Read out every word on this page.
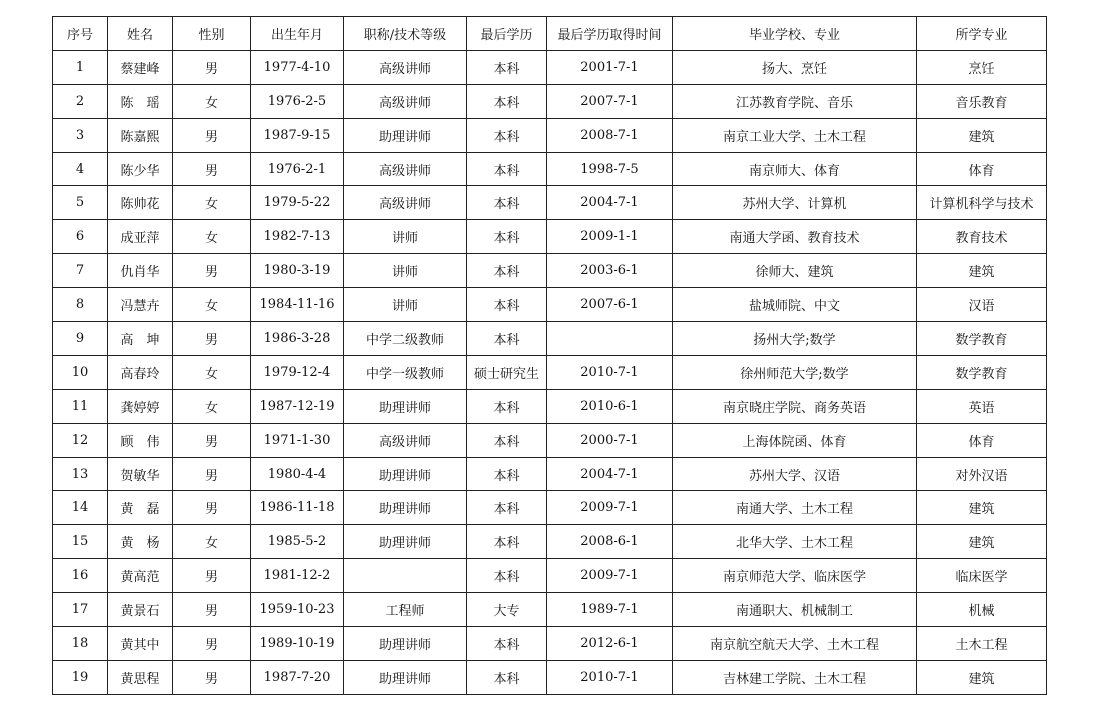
序号	姓名	性别	出生年月	职称/技术等级	最后学历	最后学历取得时间	毕业学校、专业	所学专业
1	蔡建峰	男	1977-4-10	高级讲师	本科	2001-7-1	扬大、烹饪	烹饪
2	陈　瑶	女	1976-2-5	高级讲师	本科	2007-7-1	江苏教育学院、音乐	音乐教育
3	陈嘉熙	男	1987-9-15	助理讲师	本科	2008-7-1	南京工业大学、土木工程	建筑
4	陈少华	男	1976-2-1	高级讲师	本科	1998-7-5	南京师大、体育	体育
5	陈帅花	女	1979-5-22	高级讲师	本科	2004-7-1	苏州大学、计算机	计算机科学与技术
6	成亚萍	女	1982-7-13	讲师	本科	2009-1-1	南通大学函、教育技术	教育技术
7	仇肖华	男	1980-3-19	讲师	本科	2003-6-1	徐师大、建筑	建筑
8	冯慧卉	女	1984-11-16	讲师	本科	2007-6-1	盐城师院、中文	汉语
9	高　坤	男	1986-3-28	中学二级教师	本科		扬州大学;数学	数学教育
10	高春玲	女	1979-12-4	中学一级教师	硕士研究生	2010-7-1	徐州师范大学;数学	数学教育
11	龚婷婷	女	1987-12-19	助理讲师	本科	2010-6-1	南京晓庄学院、商务英语	英语
12	顾　伟	男	1971-1-30	高级讲师	本科	2000-7-1	上海体院函、体育	体育
13	贺敏华	男	1980-4-4	助理讲师	本科	2004-7-1	苏州大学、汉语	对外汉语
14	黄　磊	男	1986-11-18	助理讲师	本科	2009-7-1	南通大学、土木工程	建筑
15	黄　杨	女	1985-5-2	助理讲师	本科	2008-6-1	北华大学、土木工程	建筑
16	黄高范	男	1981-12-2		本科	2009-7-1	南京师范大学、临床医学	临床医学
17	黄景石	男	1959-10-23	工程师	大专	1989-7-1	南通职大、机械制工	机械
18	黄其中	男	1989-10-19	助理讲师	本科	2012-6-1	南京航空航天大学、土木工程	土木工程
19	黄思程	男	1987-7-20	助理讲师	本科	2010-7-1	吉林建工学院、土木工程	建筑
